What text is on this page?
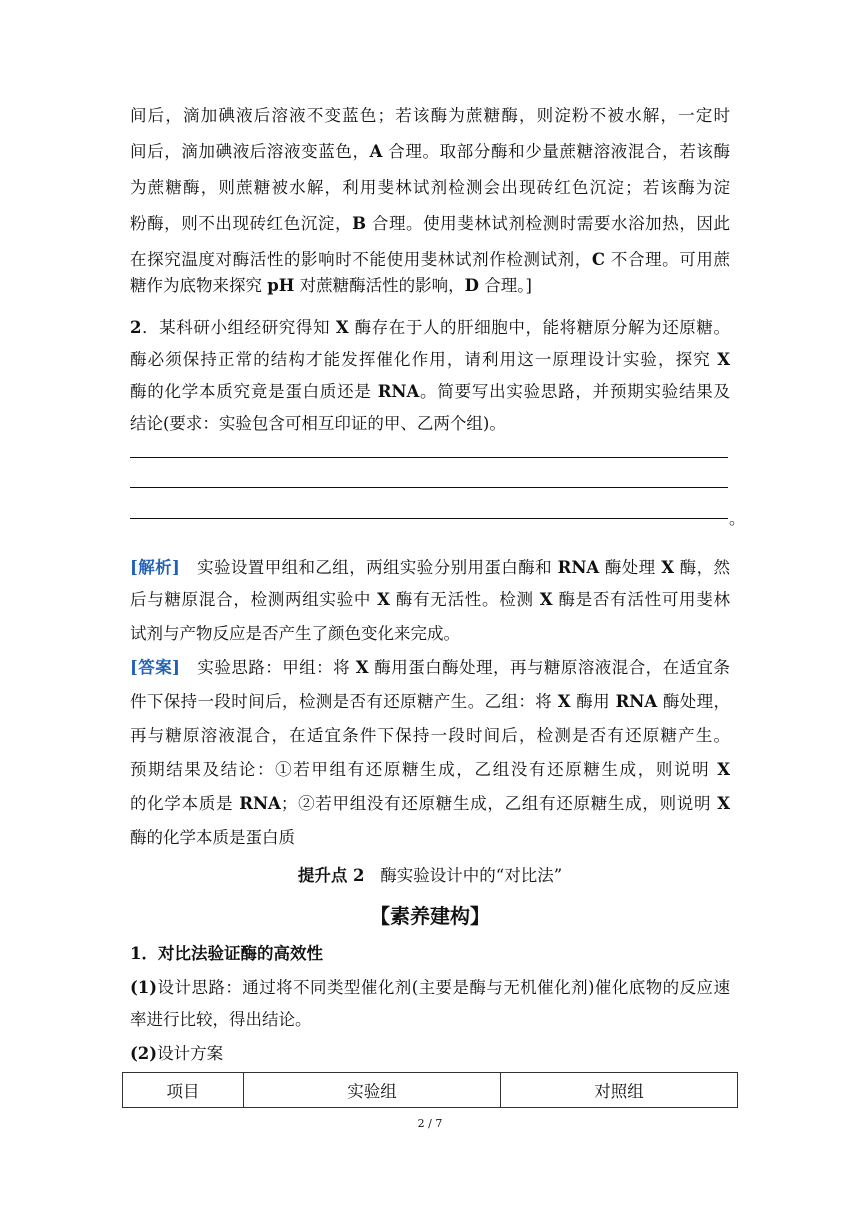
间后，滴加碘液后溶液不变蓝色；若该酶为蔗糖酶，则淀粉不被水解，一定时
间后，滴加碘液后溶液变蓝色，A 合理。取部分酶和少量蔗糖溶液混合，若该酶
为蔗糖酶，则蔗糖被水解，利用斐林试剂检测会出现砖红色沉淀；若该酶为淀
粉酶，则不出现砖红色沉淀，B 合理。使用斐林试剂检测时需要水浴加热，因此
在探究温度对酶活性的影响时不能使用斐林试剂作检测试剂，C 不合理。可用蔗
糖作为底物来探究 pH 对蔗糖酶活性的影响，D 合理。]
2．某科研小组经研究得知 X 酶存在于人的肝细胞中，能将糖原分解为还原糖。
酶必须保持正常的结构才能发挥催化作用，请利用这一原理设计实验，探究 X
酶的化学本质究竟是蛋白质还是 RNA。简要写出实验思路，并预期实验结果及
结论(要求：实验包含可相互印证的甲、乙两个组)。
。
[解析]　实验设置甲组和乙组，两组实验分别用蛋白酶和 RNA 酶处理 X 酶，然
后与糖原混合，检测两组实验中 X 酶有无活性。检测 X 酶是否有活性可用斐林
试剂与产物反应是否产生了颜色变化来完成。
[答案]　实验思路：甲组：将 X 酶用蛋白酶处理，再与糖原溶液混合，在适宜条
件下保持一段时间后，检测是否有还原糖产生。乙组：将 X 酶用 RNA 酶处理，
再与糖原溶液混合，在适宜条件下保持一段时间后，检测是否有还原糖产生。
预期结果及结论：①若甲组有还原糖生成，乙组没有还原糖生成，则说明 X
的化学本质是 RNA；②若甲组没有还原糖生成，乙组有还原糖生成，则说明 X
酶的化学本质是蛋白质
提升点 2 酶实验设计中的“对比法”
【素养建构】
1．对比法验证酶的高效性
(1)设计思路：通过将不同类型催化剂(主要是酶与无机催化剂)催化底物的反应速
率进行比较，得出结论。
(2)设计方案
项目	实验组	对照组
2 / 7
